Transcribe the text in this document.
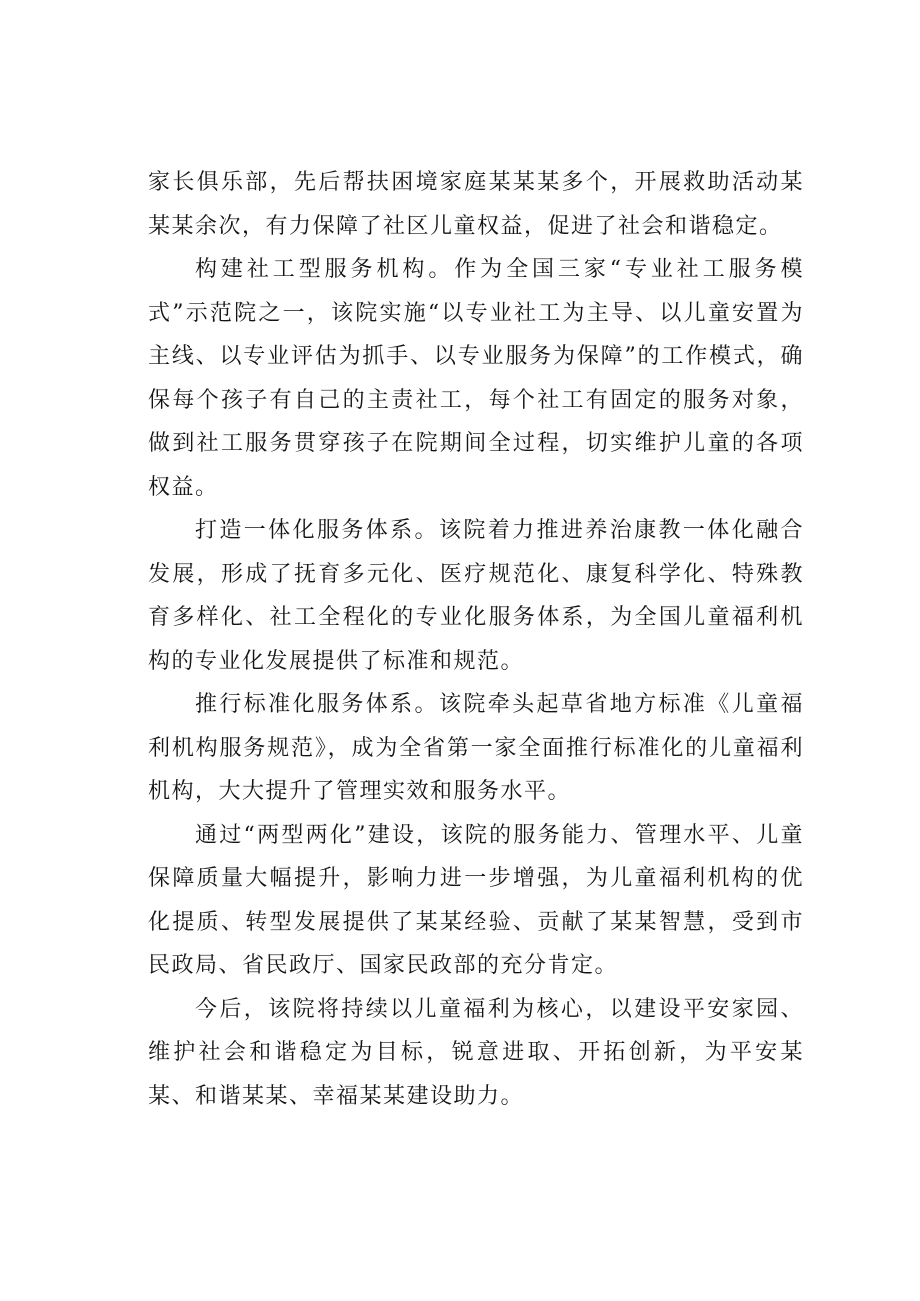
家长俱乐部，先后帮扶困境家庭某某某多个，开展救助活动某某某余次，有力保障了社区儿童权益，促进了社会和谐稳定。

构建社工型服务机构。作为全国三家“专业社工服务模式”示范院之一，该院实施“以专业社工为主导、以儿童安置为主线、以专业评估为抓手、以专业服务为保障”的工作模式，确保每个孩子有自己的主责社工，每个社工有固定的服务对象，做到社工服务贯穿孩子在院期间全过程，切实维护儿童的各项权益。

打造一体化服务体系。该院着力推进养治康教一体化融合发展，形成了抚育多元化、医疗规范化、康复科学化、特殊教育多样化、社工全程化的专业化服务体系，为全国儿童福利机构的专业化发展提供了标准和规范。

推行标准化服务体系。该院牵头起草省地方标准《儿童福利机构服务规范》，成为全省第一家全面推行标准化的儿童福利机构，大大提升了管理实效和服务水平。

通过“两型两化”建设，该院的服务能力、管理水平、儿童保障质量大幅提升，影响力进一步增强，为儿童福利机构的优化提质、转型发展提供了某某经验、贡献了某某智慧，受到市民政局、省民政厅、国家民政部的充分肯定。

今后，该院将持续以儿童福利为核心，以建设平安家园、维护社会和谐稳定为目标，锐意进取、开拓创新，为平安某某、和谐某某、幸福某某建设助力。
